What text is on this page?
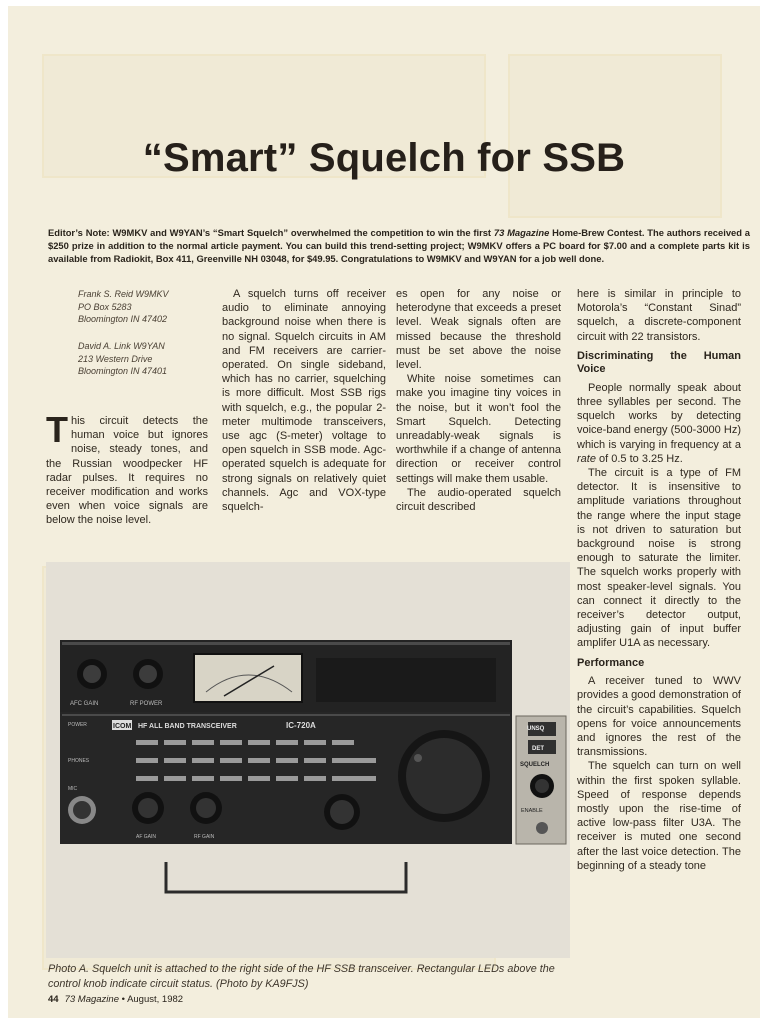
“Smart” Squelch for SSB
Editor’s Note: W9MKV and W9YAN’s “Smart Squelch” overwhelmed the competition to win the first 73 Magazine Home-Brew Contest. The authors received a $250 prize in addition to the normal article payment. You can build this trend-setting project; W9MKV offers a PC board for $7.00 and a complete parts kit is available from Radiokit, Box 411, Greenville NH 03048, for $49.95. Congratulations to W9MKV and W9YAN for a job well done.
Frank S. Reid W9MKV
PO Box 5283
Bloomington IN 47402
David A. Link W9YAN
213 Western Drive
Bloomington IN 47401

This circuit detects the human voice but ignores noise, steady tones, and the Russian woodpecker HF radar pulses. It requires no receiver modification and works even when voice signals are below the noise level.

A squelch turns off receiver audio to eliminate annoying background noise when there is no signal. Squelch circuits in AM and FM receivers are carrier-operated. On single sideband, which has no carrier, squelching is more difficult. Most SSB rigs with squelch, e.g., the popular 2-meter multimode transceivers, use agc (S-meter) voltage to open squelch in SSB mode. Agc-operated squelch is adequate for strong signals on relatively quiet channels. Agc and VOX-type squelch-

es open for any noise or heterodyne that exceeds a preset level. Weak signals often are missed because the threshold must be set above the noise level.

White noise sometimes can make you imagine tiny voices in the noise, but it won’t fool the Smart Squelch. Detecting unreadably-weak signals is worthwhile if a change of antenna direction or receiver control settings will make them usable.

The audio-operated squelch circuit described

here is similar in principle to Motorola’s “Constant Sinad” squelch, a discrete-component circuit with 22 transistors.

Discriminating the Human Voice

People normally speak about three syllables per second. The squelch works by detecting voice-band energy (500-3000 Hz) which is varying in frequency at a rate of 0.5 to 3.25 Hz.

The circuit is a type of FM detector. It is insensitive to amplitude variations throughout the range where the input stage is not driven to saturation but background noise is strong enough to saturate the limiter. The squelch works properly with most speaker-level signals. You can connect it directly to the receiver’s detector output, adjusting gain of input buffer amplifer U1A as necessary.

Performance

A receiver tuned to WWV provides a good demonstration of the circuit’s capabilities. Squelch opens for voice announcements and ignores the rest of the transmissions.

The squelch can turn on well within the first spoken syllable. Speed of response depends mostly upon the rise-time of active low-pass filter U3A. The receiver is muted one second after the last voice detection. The beginning of a steady tone

AFC GAIN	RF POWER
ICOM HF ALL BAND TRANSCEIVER	IC-720A
POWER
PHONES
MIC
AF GAIN	RF GAIN
UNSQ
DET
SQUELCH
ENABLE
Photo A. Squelch unit is attached to the right side of the HF SSB transceiver. Rectangular LEDs above the control knob indicate circuit status. (Photo by KA9FJS)
44 73 Magazine • August, 1982
